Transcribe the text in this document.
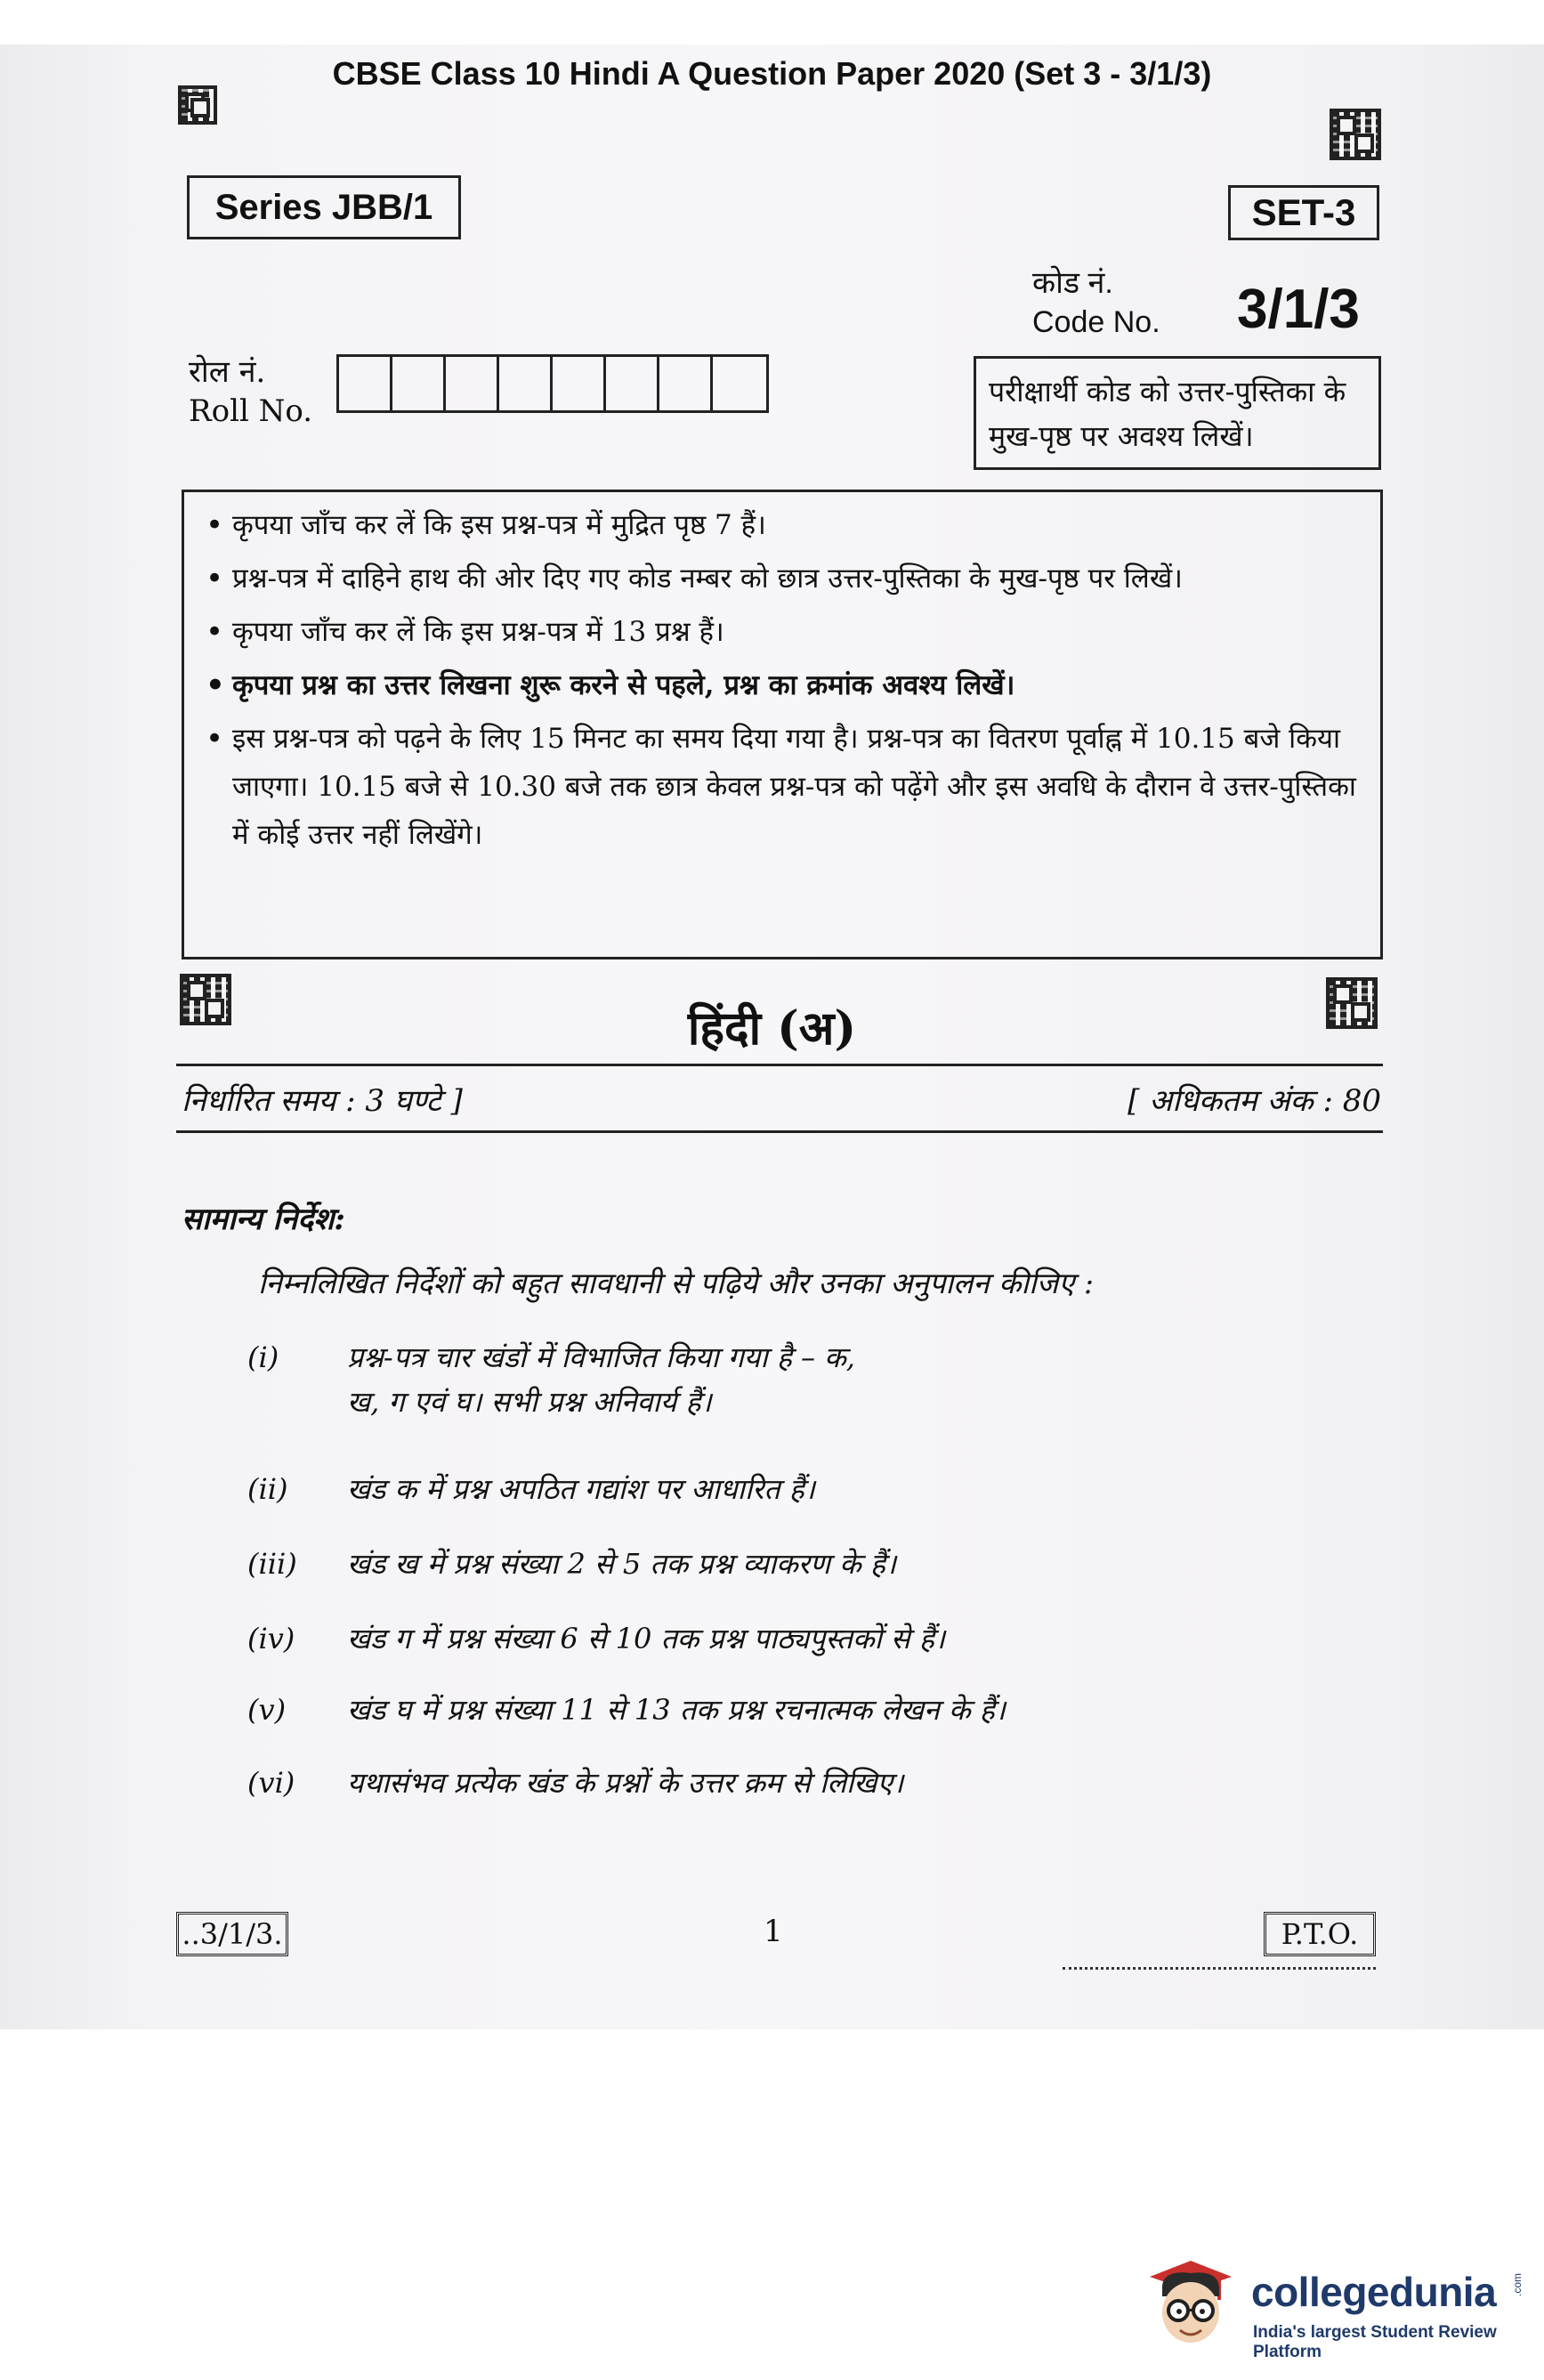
CBSE Class 10 Hindi A Question Paper 2020 (Set 3 - 3/1/3)
Series JBB/1	SET-3
कोड नं.
Code No. 3/1/3
रोल नं.
Roll No.
परीक्षार्थी कोड को उत्तर-पुस्तिका के मुख-पृष्ठ पर अवश्य लिखें।
• कृपया जाँच कर लें कि इस प्रश्न-पत्र में मुद्रित पृष्ठ 7 हैं।
• प्रश्न-पत्र में दाहिने हाथ की ओर दिए गए कोड नम्बर को छात्र उत्तर-पुस्तिका के मुख-पृष्ठ पर लिखें।
• कृपया जाँच कर लें कि इस प्रश्न-पत्र में 13 प्रश्न हैं।
• कृपया प्रश्न का उत्तर लिखना शुरू करने से पहले, प्रश्न का क्रमांक अवश्य लिखें।
• इस प्रश्न-पत्र को पढ़ने के लिए 15 मिनट का समय दिया गया है। प्रश्न-पत्र का वितरण पूर्वाह्न में 10.15 बजे किया जाएगा। 10.15 बजे से 10.30 बजे तक छात्र केवल प्रश्न-पत्र को पढ़ेंगे और इस अवधि के दौरान वे उत्तर-पुस्तिका में कोई उत्तर नहीं लिखेंगे।
हिंदी (अ)
निर्धारित समय : 3 घण्टे ]	[ अधिकतम अंक : 80
सामान्य निर्देश:
निम्नलिखित निर्देशों को बहुत सावधानी से पढ़िये और उनका अनुपालन कीजिए :
(i)	प्रश्न-पत्र चार खंडों में विभाजित किया गया है – क, ख, ग एवं घ। सभी प्रश्न अनिवार्य हैं।
(ii)	खंड क में प्रश्न अपठित गद्यांश पर आधारित हैं।
(iii)	खंड ख में प्रश्न संख्या 2 से 5 तक प्रश्न व्याकरण के हैं।
(iv)	खंड ग में प्रश्न संख्या 6 से 10 तक प्रश्न पाठ्यपुस्तकों से हैं।
(v)	खंड घ में प्रश्न संख्या 11 से 13 तक प्रश्न रचनात्मक लेखन के हैं।
(vi)	यथासंभव प्रत्येक खंड के प्रश्नों के उत्तर क्रम से लिखिए।
..3/1/3.	1	P.T.O.
collegedunia .com
India's largest Student Review Platform
